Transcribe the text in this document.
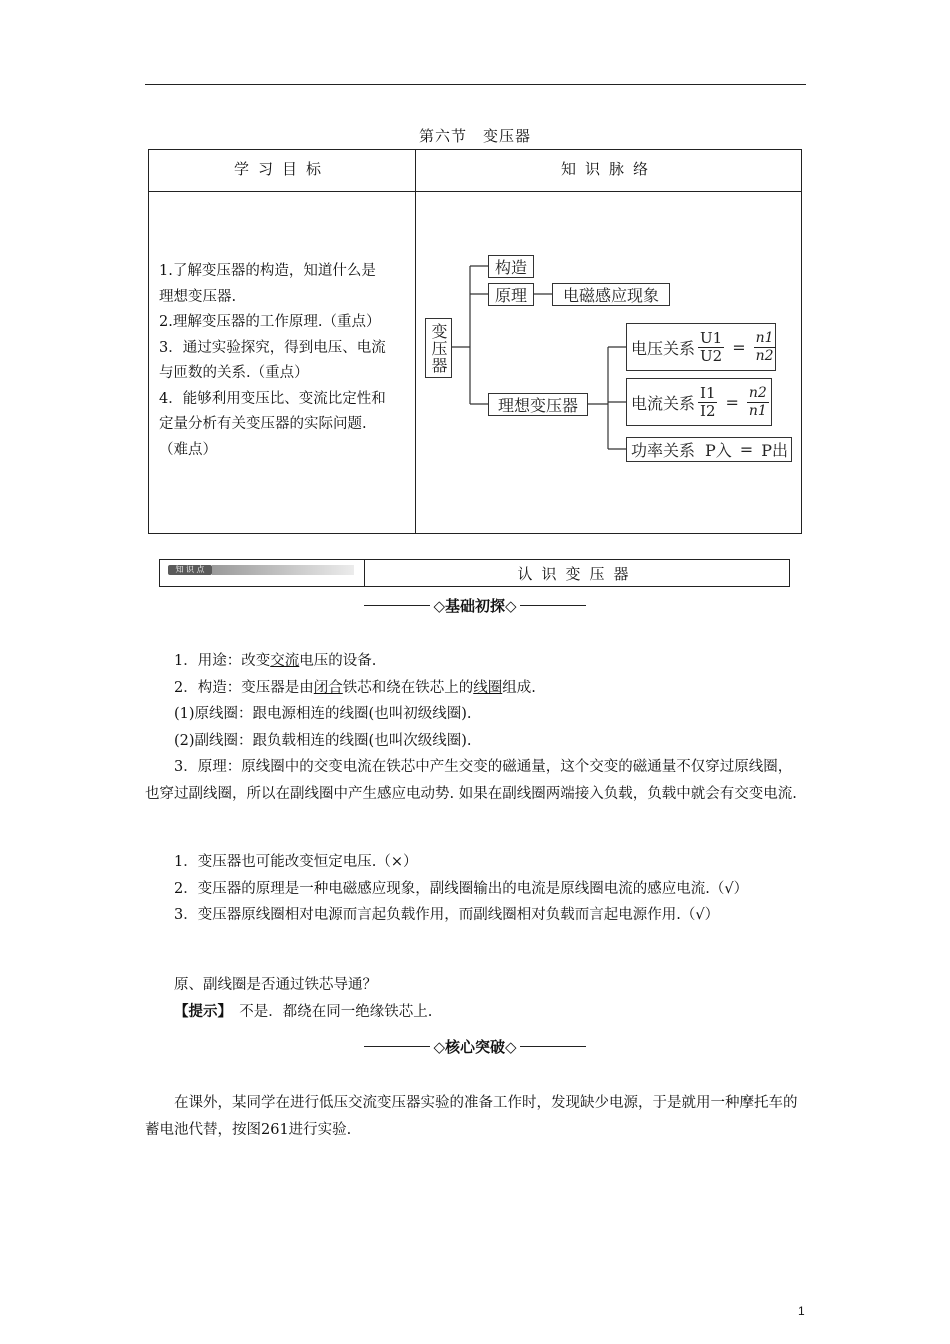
第六节　变压器
学习目标	知识脉络
1.了解变压器的构造，知道什么是
理想变压器.
2.理解变压器的工作原理.（重点）
3．通过实验探究，得到电压、电流
与匝数的关系.（重点）
4．能够利用变压比、变流比定性和
定量分析有关变压器的实际问题.
（难点）
变压器
构造
原理	电磁感应现象
理想变压器
电压关系 $\frac{U1}{U2} = \frac{n1}{n2}$
电流关系 $\frac{I1}{I2} = \frac{n2}{n1}$
功率关系 P入 = P出
知 识 点	认识变压器
◇基础初探◇

1．用途：改变交流电压的设备.

2．构造：变压器是由闭合铁芯和绕在铁芯上的线圈组成.

(1)原线圈：跟电源相连的线圈(也叫初级线圈).

(2)副线圈：跟负载相连的线圈(也叫次级线圈).

3．原理：原线圈中的交变电流在铁芯中产生交变的磁通量，这个交变的磁通量不仅穿过原线圈，也穿过副线圈，所以在副线圈中产生感应电动势. 如果在副线圈两端接入负载，负载中就会有交变电流.

1．变压器也可能改变恒定电压.（×）

2．变压器的原理是一种电磁感应现象，副线圈输出的电流是原线圈电流的感应电流.（√）

3．变压器原线圈相对电源而言起负载作用，而副线圈相对负载而言起电源作用.（√）

原、副线圈是否通过铁芯导通？

【提示】　不是．都绕在同一绝缘铁芯上.

◇核心突破◇

在课外，某同学在进行低压交流变压器实验的准备工作时，发现缺少电源，于是就用一种摩托车的蓄电池代替，按图261进行实验.

1
